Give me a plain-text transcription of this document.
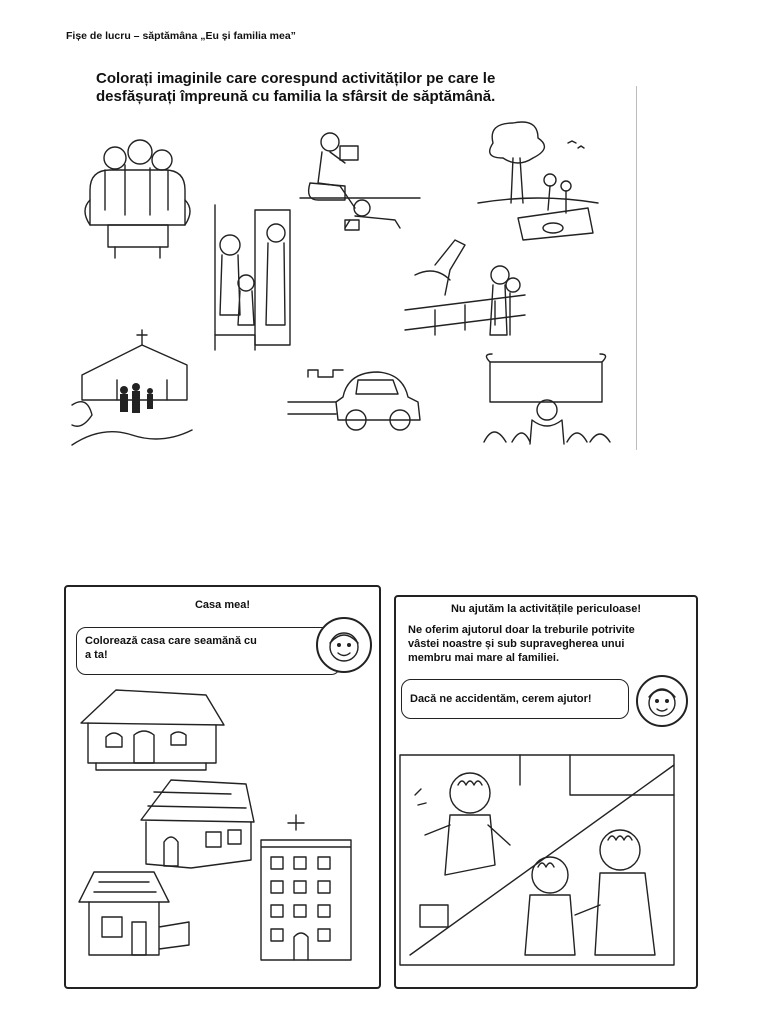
Fișe de lucru – săptămâna „Eu și familia mea”
Colorați imaginile care corespund activităților pe care le
desfășurați împreună cu familia la sfârsit de săptămână.
Casa mea!
Colorează casa care seamănă cu
a ta!
Nu ajutăm la activitățile periculoase!
Ne oferim ajutorul doar la treburile potrivite
vâstei noastre și sub supravegherea unui
membru mai mare al familiei.
Dacă ne accidentăm, cerem ajutor!
